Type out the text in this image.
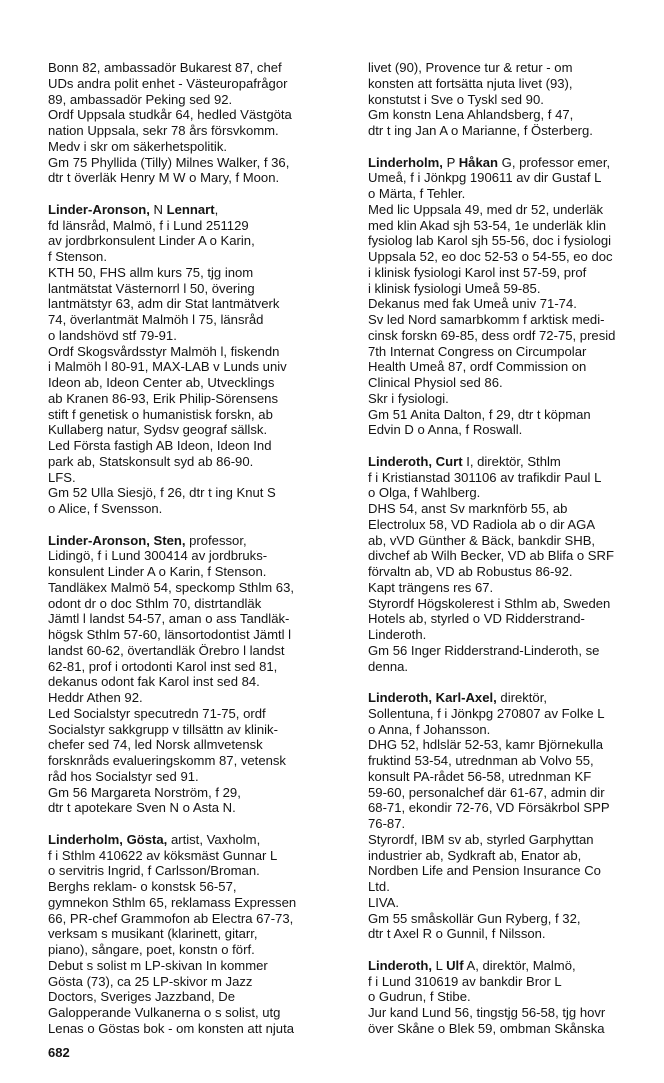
Bonn 82, ambassadör Bukarest 87, chef
UDs andra polit enhet - Västeuropafrågor
89, ambassadör Peking sed 92.
Ordf Uppsala studkår 64, hedled Västgöta
nation Uppsala, sekr 78 års försvkomm.
Medv i skr om säkerhetspolitik.
Gm 75 Phyllida (Tilly) Milnes Walker, f 36,
dtr t överläk Henry M W o Mary, f Moon.
Linder-Aronson, N Lennart,
fd länsråd, Malmö, f i Lund 251129
av jordbrkonsulent Linder A o Karin,
f Stenson.
KTH 50, FHS allm kurs 75, tjg inom
lantmätstat Västernorrl l 50, övering
lantmätstyr 63, adm dir Stat lantmätverk
74, överlantmät Malmöh l 75, länsråd
o landshövd stf 79-91.
Ordf Skogsvårdsstyr Malmöh l, fiskendn
i Malmöh l 80-91, MAX-LAB v Lunds univ
Ideon ab, Ideon Center ab, Utvecklings
ab Kranen 86-93, Erik Philip-Sörensens
stift f genetisk o humanistisk forskn, ab
Kullaberg natur, Sydsv geograf sällsk.
Led Första fastigh AB Ideon, Ideon Ind
park ab, Statskonsult syd ab 86-90.
LFS.
Gm 52 Ulla Siesjö, f 26, dtr t ing Knut S
o Alice, f Svensson.
Linder-Aronson, Sten, professor,
Lidingö, f i Lund 300414 av jordbruks-
konsulent Linder A o Karin, f Stenson.
Tandläkex Malmö 54, speckomp Sthlm 63,
odont dr o doc Sthlm 70, distrtandläk
Jämtl l landst 54-57, aman o ass Tandläk-
högsk Sthlm 57-60, länsortodontist Jämtl l
landst 60-62, övertandläk Örebro l landst
62-81, prof i ortodonti Karol inst sed 81,
dekanus odont fak Karol inst sed 84.
Heddr Athen 92.
Led Socialstyr specutredn 71-75, ordf
Socialstyr sakkgrupp v tillsättn av klinik-
chefer sed 74, led Norsk allmvetensk
forsknråds evalueringskomm 87, vetensk
råd hos Socialstyr sed 91.
Gm 56 Margareta Norström, f 29,
dtr t apotekare Sven N o Asta N.
Linderholm, Gösta, artist, Vaxholm,
f i Sthlm 410622 av köksmäst Gunnar L
o servitris Ingrid, f Carlsson/Broman.
Berghs reklam- o konstsk 56-57,
gymnekon Sthlm 65, reklamass Expressen
66, PR-chef Grammofon ab Electra 67-73,
verksam s musikant (klarinett, gitarr,
piano), sångare, poet, konstn o förf.
Debut s solist m LP-skivan In kommer
Gösta (73), ca 25 LP-skivor m Jazz
Doctors, Sveriges Jazzband, De
Galopperande Vulkanerna o s solist, utg
Lenas o Göstas bok - om konsten att njuta
livet (90), Provence tur & retur - om
konsten att fortsätta njuta livet (93),
konstutst i Sve o Tyskl sed 90.
Gm konstn Lena Ahlandsberg, f 47,
dtr t ing Jan A o Marianne, f Österberg.
Linderholm, P Håkan G, professor emer,
Umeå, f i Jönkpg 190611 av dir Gustaf L
o Märta, f Tehler.
Med lic Uppsala 49, med dr 52, underläk
med klin Akad sjh 53-54, 1e underläk klin
fysiolog lab Karol sjh 55-56, doc i fysiologi
Uppsala 52, eo doc 52-53 o 54-55, eo doc
i klinisk fysiologi Karol inst 57-59, prof
i klinisk fysiologi Umeå 59-85.
Dekanus med fak Umeå univ 71-74.
Sv led Nord samarbkomm f arktisk medi-
cinsk forskn 69-85, dess ordf 72-75, presid
7th Internat Congress on Circumpolar
Health Umeå 87, ordf Commission on
Clinical Physiol sed 86.
Skr i fysiologi.
Gm 51 Anita Dalton, f 29, dtr t köpman
Edvin D o Anna, f Roswall.
Linderoth, Curt I, direktör, Sthlm
f i Kristianstad 301106 av trafikdir Paul L
o Olga, f Wahlberg.
DHS 54, anst Sv marknförb 55, ab
Electrolux 58, VD Radiola ab o dir AGA
ab, vVD Günther & Bäck, bankdir SHB,
divchef ab Wilh Becker, VD ab Blifa o SRF
förvaltn ab, VD ab Robustus 86-92.
Kapt trängens res 67.
Styrordf Högskolerest i Sthlm ab, Sweden
Hotels ab, styrled o VD Ridderstrand-
Linderoth.
Gm 56 Inger Ridderstrand-Linderoth, se
denna.
Linderoth, Karl-Axel, direktör,
Sollentuna, f i Jönkpg 270807 av Folke L
o Anna, f Johansson.
DHG 52, hdlslär 52-53, kamr Björnekulla
fruktind 53-54, utrednman ab Volvo 55,
konsult PA-rådet 56-58, utrednman KF
59-60, personalchef där 61-67, admin dir
68-71, ekondir 72-76, VD Försäkrbol SPP
76-87.
Styrordf, IBM sv ab, styrled Garphyttan
industrier ab, Sydkraft ab, Enator ab,
Nordben Life and Pension Insurance Co
Ltd.
LIVA.
Gm 55 småskollär Gun Ryberg, f 32,
dtr t Axel R o Gunnil, f Nilsson.
Linderoth, L Ulf A, direktör, Malmö,
f i Lund 310619 av bankdir Bror L
o Gudrun, f Stibe.
Jur kand Lund 56, tingstjg 56-58, tjg hovr
över Skåne o Blek 59, ombman Skånska
682
